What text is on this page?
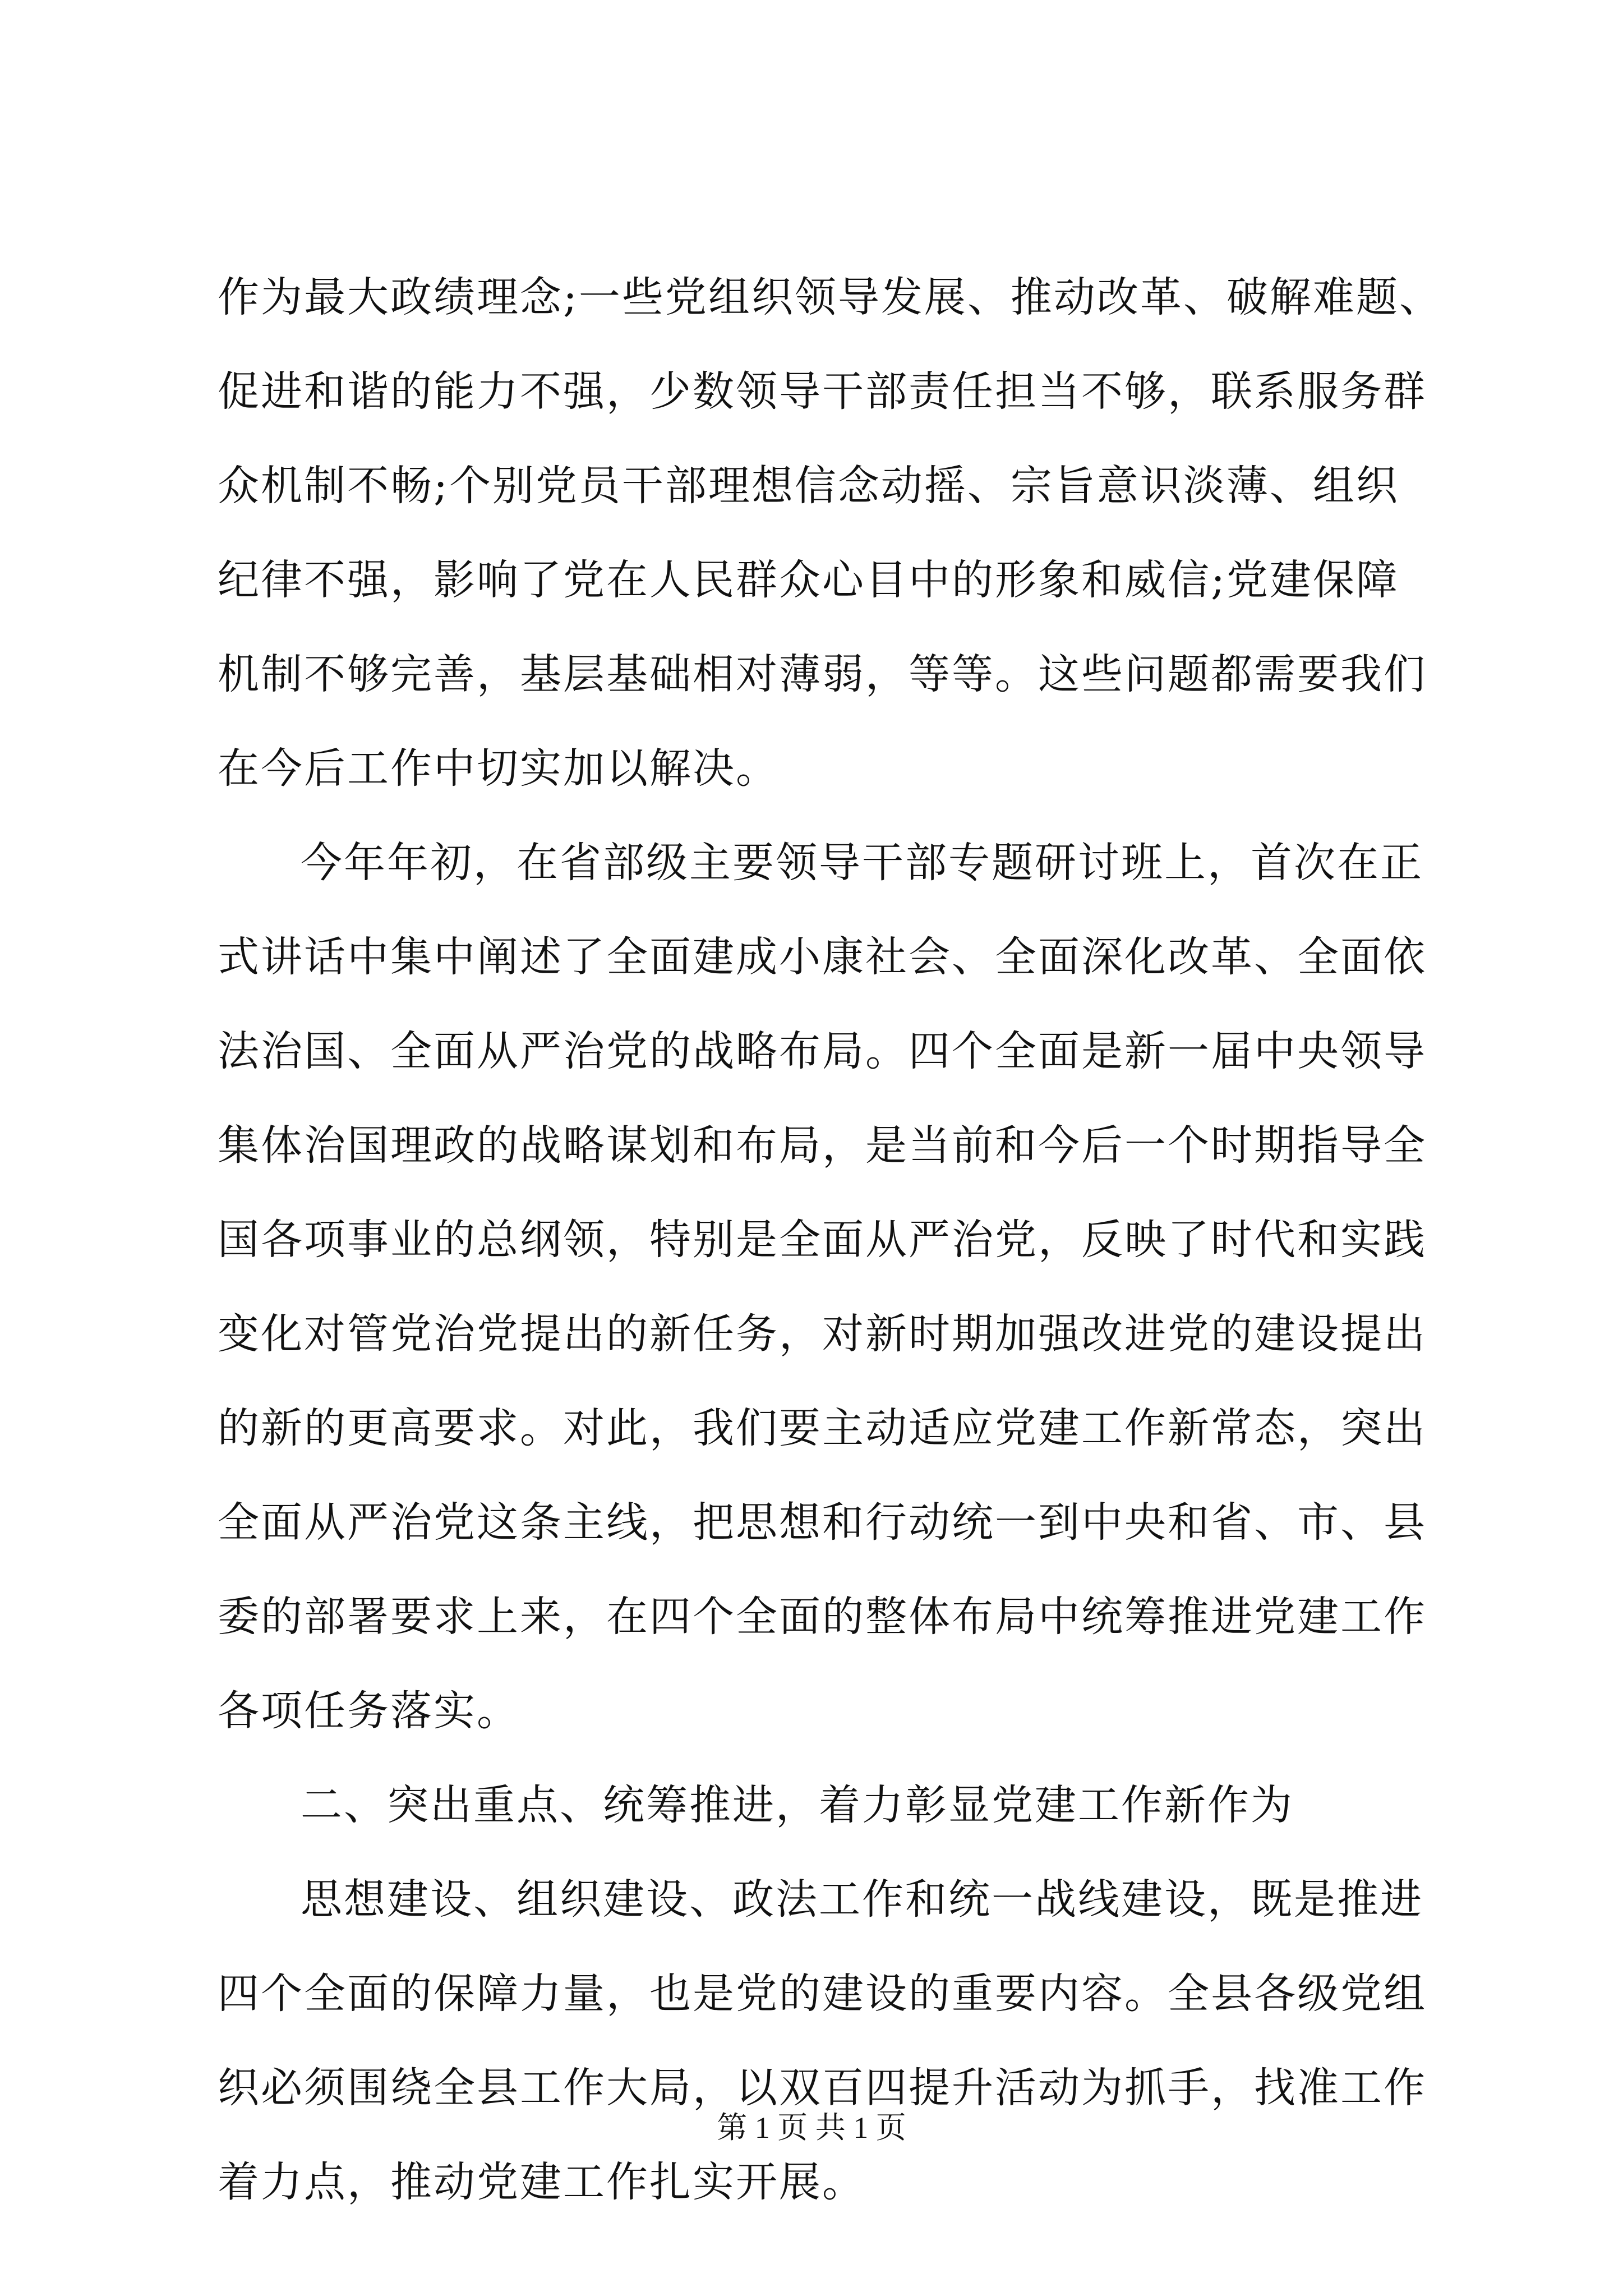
作为最大政绩理念;一些党组织领导发展、推动改革、破解难题、
促进和谐的能力不强，少数领导干部责任担当不够，联系服务群
众机制不畅;个别党员干部理想信念动摇、宗旨意识淡薄、组织
纪律不强，影响了党在人民群众心目中的形象和威信;党建保障
机制不够完善，基层基础相对薄弱，等等。这些问题都需要我们
在今后工作中切实加以解决。
今年年初，在省部级主要领导干部专题研讨班上，首次在正
式讲话中集中阐述了全面建成小康社会、全面深化改革、全面依
法治国、全面从严治党的战略布局。四个全面是新一届中央领导
集体治国理政的战略谋划和布局，是当前和今后一个时期指导全
国各项事业的总纲领，特别是全面从严治党，反映了时代和实践
变化对管党治党提出的新任务，对新时期加强改进党的建设提出
的新的更高要求。对此，我们要主动适应党建工作新常态，突出
全面从严治党这条主线，把思想和行动统一到中央和省、市、县
委的部署要求上来，在四个全面的整体布局中统筹推进党建工作
各项任务落实。
二、突出重点、统筹推进，着力彰显党建工作新作为
思想建设、组织建设、政法工作和统一战线建设，既是推进
四个全面的保障力量，也是党的建设的重要内容。全县各级党组
织必须围绕全县工作大局，以双百四提升活动为抓手，找准工作
着力点，推动党建工作扎实开展。
第 1 页 共 1 页
